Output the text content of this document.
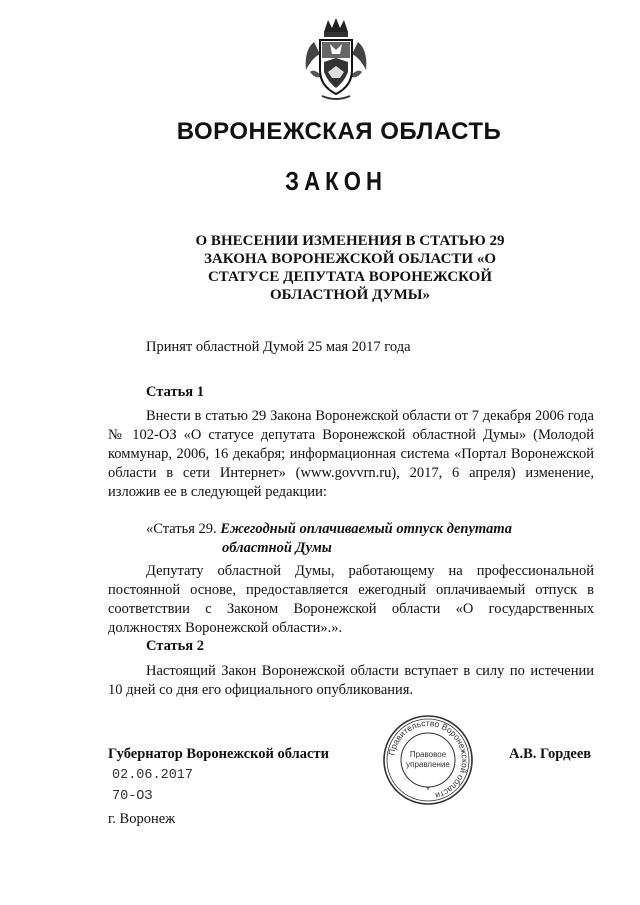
ВОРОНЕЖСКАЯ ОБЛАСТЬ
ЗАКОН
О ВНЕСЕНИИ ИЗМЕНЕНИЯ В СТАТЬЮ 29
ЗАКОНА ВОРОНЕЖСКОЙ ОБЛАСТИ «О
СТАТУСЕ ДЕПУТАТА ВОРОНЕЖСКОЙ
ОБЛАСТНОЙ ДУМЫ»
Принят областной Думой 25 мая 2017 года
Статья 1
Внести в статью 29 Закона Воронежской области от 7 декабря 2006 года № 102-ОЗ «О статусе депутата Воронежской областной Думы» (Молодой коммунар, 2006, 16 декабря; информационная система «Портал Воронежской области в сети Интернет» (www.govvrn.ru), 2017, 6 апреля) изменение, изложив ее в следующей редакции:
«Статья 29. Ежегодный оплачиваемый отпуск депутата
областной Думы
Депутату областной Думы, работающему на профессиональной постоянной основе, предоставляется ежегодный оплачиваемый отпуск в соответствии с Законом Воронежской области «О государственных должностях Воронежской области».».
Статья 2
Настоящий Закон Воронежской области вступает в силу по истечении 10 дней со дня его официального опубликования.
Губернатор Воронежской области	А.В. Гордеев
02.06.2017
70-ОЗ
г. Воронеж
Правительство Воронежской области
Правовое
управление
*
